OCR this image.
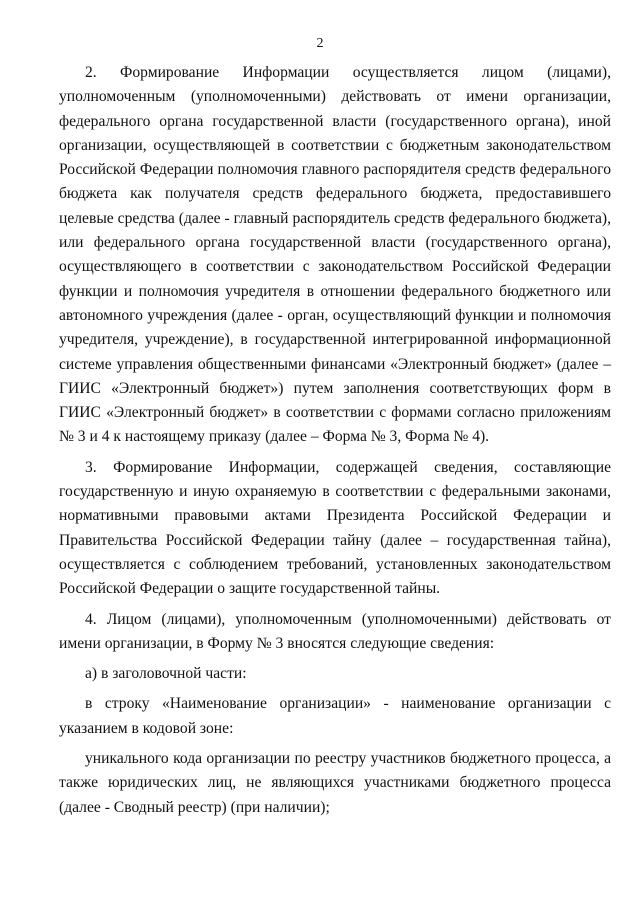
2

2. Формирование Информации осуществляется лицом (лицами), уполномоченным (уполномоченными) действовать от имени организации, федерального органа государственной власти (государственного органа), иной организации, осуществляющей в соответствии с бюджетным законодательством Российской Федерации полномочия главного распорядителя средств федерального бюджета как получателя средств федерального бюджета, предоставившего целевые средства (далее - главный распорядитель средств федерального бюджета), или федерального органа государственной власти (государственного органа), осуществляющего в соответствии с законодательством Российской Федерации функции и полномочия учредителя в отношении федерального бюджетного или автономного учреждения (далее - орган, осуществляющий функции и полномочия учредителя, учреждение), в государственной интегрированной информационной системе управления общественными финансами «Электронный бюджет» (далее – ГИИС «Электронный бюджет») путем заполнения соответствующих форм в ГИИС «Электронный бюджет» в соответствии с формами согласно приложениям № 3 и 4 к настоящему приказу (далее – Форма № 3, Форма № 4).

3. Формирование Информации, содержащей сведения, составляющие государственную и иную охраняемую в соответствии с федеральными законами, нормативными правовыми актами Президента Российской Федерации и Правительства Российской Федерации тайну (далее – государственная тайна), осуществляется с соблюдением требований, установленных законодательством Российской Федерации о защите государственной тайны.

4. Лицом (лицами), уполномоченным (уполномоченными) действовать от имени организации, в Форму № 3 вносятся следующие сведения:

а) в заголовочной части:

в строку «Наименование организации» - наименование организации с указанием в кодовой зоне:

уникального кода организации по реестру участников бюджетного процесса, а также юридических лиц, не являющихся участниками бюджетного процесса (далее - Сводный реестр) (при наличии);
